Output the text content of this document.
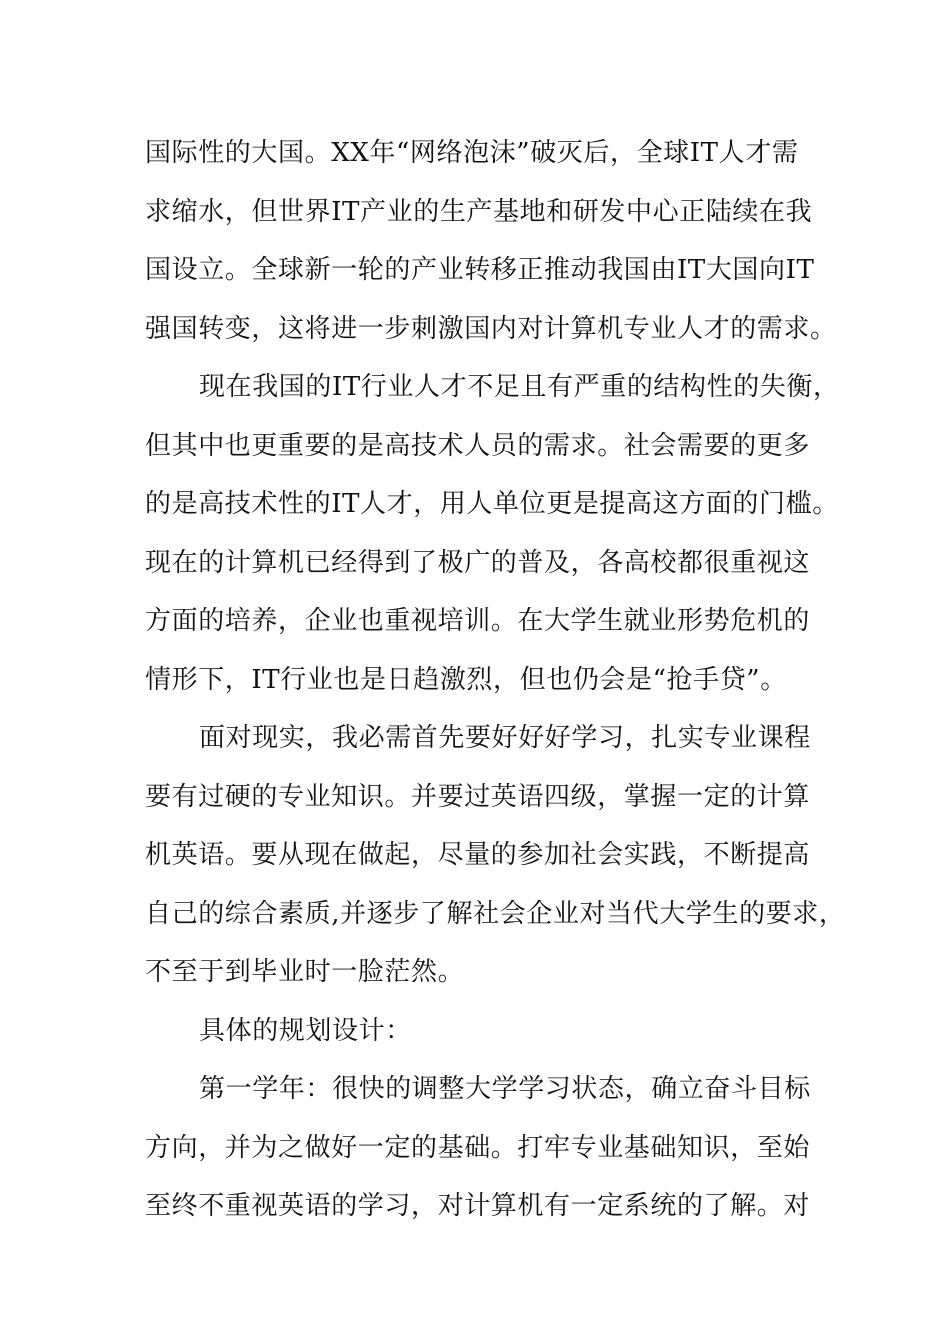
国际性的大国。XX年“网络泡沫”破灭后，全球IT人才需
求缩水，但世界IT产业的生产基地和研发中心正陆续在我
国设立。全球新一轮的产业转移正推动我国由IT大国向IT
强国转变，这将进一步刺激国内对计算机专业人才的需求。
现在我国的IT行业人才不足且有严重的结构性的失衡，
但其中也更重要的是高技术人员的需求。社会需要的更多
的是高技术性的IT人才，用人单位更是提高这方面的门槛。
现在的计算机已经得到了极广的普及，各高校都很重视这
方面的培养，企业也重视培训。在大学生就业形势危机的
情形下，IT行业也是日趋激烈，但也仍会是“抢手贷”。
面对现实，我必需首先要好好好学习，扎实专业课程
要有过硬的专业知识。并要过英语四级，掌握一定的计算
机英语。要从现在做起，尽量的参加社会实践，不断提高
自己的综合素质,并逐步了解社会企业对当代大学生的要求，
不至于到毕业时一脸茫然。
具体的规划设计：
第一学年：很快的调整大学学习状态，确立奋斗目标
方向，并为之做好一定的基础。打牢专业基础知识，至始
至终不重视英语的学习，对计算机有一定系统的了解。对
